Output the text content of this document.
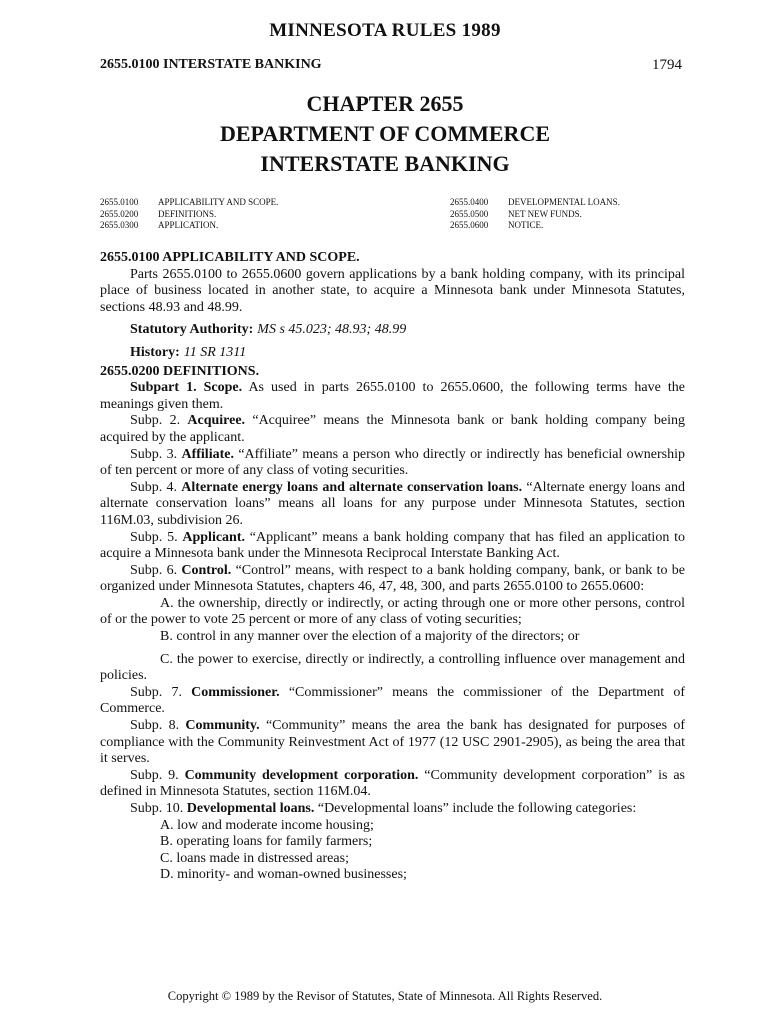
MINNESOTA RULES 1989
2655.0100 INTERSTATE BANKING	1794
CHAPTER 2655
DEPARTMENT OF COMMERCE
INTERSTATE BANKING
2655.0100 APPLICABILITY AND SCOPE.
2655.0200 DEFINITIONS.
2655.0300 APPLICATION.
2655.0400 DEVELOPMENTAL LOANS.
2655.0500 NET NEW FUNDS.
2655.0600 NOTICE.

2655.0100 APPLICABILITY AND SCOPE.

Parts 2655.0100 to 2655.0600 govern applications by a bank holding company, with its principal place of business located in another state, to acquire a Minnesota bank under Minnesota Statutes, sections 48.93 and 48.99.

Statutory Authority: MS s 45.023; 48.93; 48.99

History: 11 SR 1311

2655.0200 DEFINITIONS.

Subpart 1. Scope. As used in parts 2655.0100 to 2655.0600, the following terms have the meanings given them.

Subp. 2. Acquiree. “Acquiree” means the Minnesota bank or bank holding company being acquired by the applicant.

Subp. 3. Affiliate. “Affiliate” means a person who directly or indirectly has beneficial ownership of ten percent or more of any class of voting securities.

Subp. 4. Alternate energy loans and alternate conservation loans. “Alternate energy loans and alternate conservation loans” means all loans for any purpose under Minnesota Statutes, section 116M.03, subdivision 26.

Subp. 5. Applicant. “Applicant” means a bank holding company that has filed an application to acquire a Minnesota bank under the Minnesota Reciprocal Interstate Banking Act.

Subp. 6. Control. “Control” means, with respect to a bank holding company, bank, or bank to be organized under Minnesota Statutes, chapters 46, 47, 48, 300, and parts 2655.0100 to 2655.0600:

A. the ownership, directly or indirectly, or acting through one or more other persons, control of or the power to vote 25 percent or more of any class of voting securities;

B. control in any manner over the election of a majority of the directors; or

C. the power to exercise, directly or indirectly, a controlling influence over management and policies.

Subp. 7. Commissioner. “Commissioner” means the commissioner of the Department of Commerce.

Subp. 8. Community. “Community” means the area the bank has designated for purposes of compliance with the Community Reinvestment Act of 1977 (12 USC 2901-2905), as being the area that it serves.

Subp. 9. Community development corporation. “Community development corporation” is as defined in Minnesota Statutes, section 116M.04.

Subp. 10. Developmental loans. “Developmental loans” include the following categories:

A. low and moderate income housing;

B. operating loans for family farmers;

C. loans made in distressed areas;

D. minority- and woman-owned businesses;

Copyright © 1989 by the Revisor of Statutes, State of Minnesota. All Rights Reserved.
